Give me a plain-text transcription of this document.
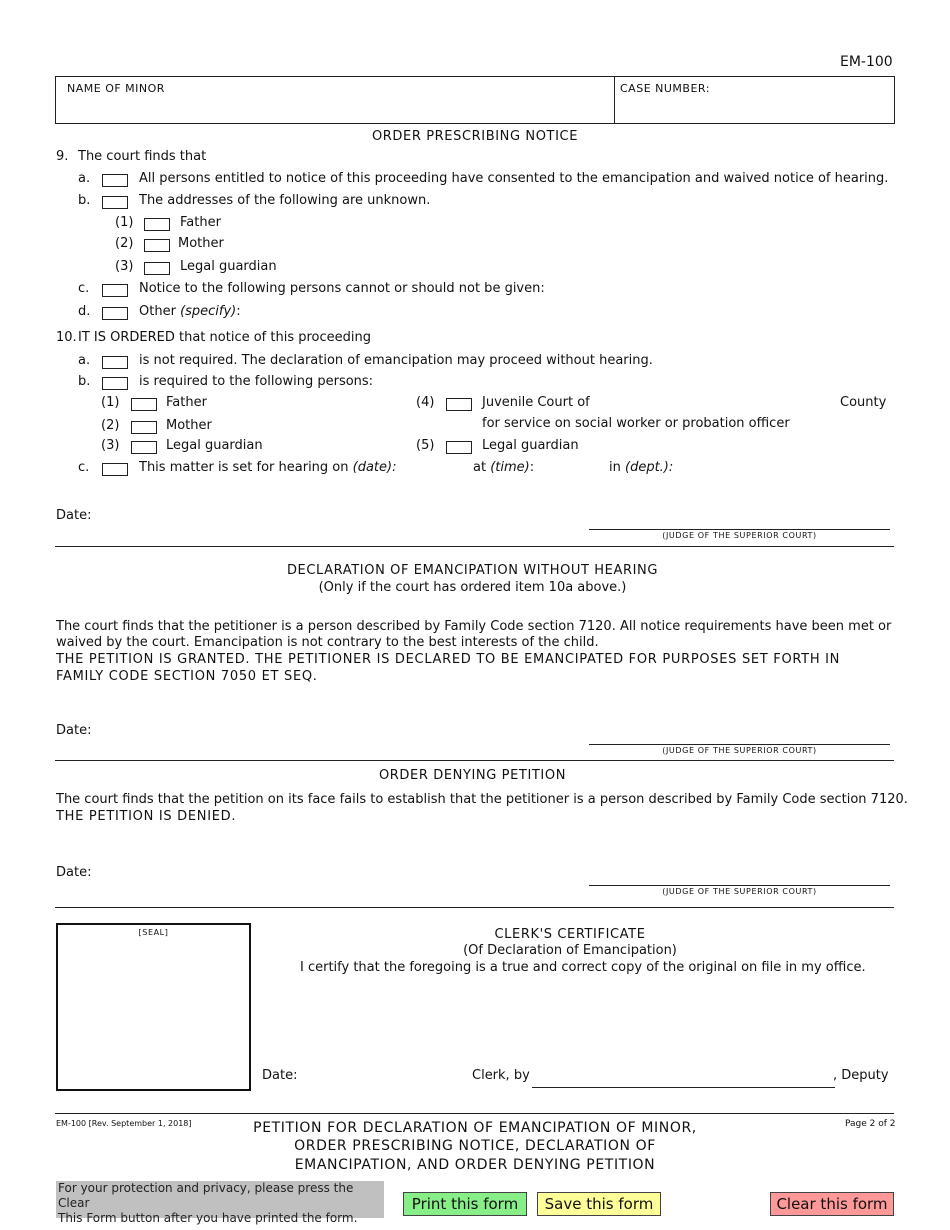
EM-100
NAME OF MINOR	CASE NUMBER:
ORDER PRESCRIBING NOTICE
9. The court finds that
a.	All persons entitled to notice of this proceeding have consented to the emancipation and waived notice of hearing.
b.	The addresses of the following are unknown.
(1)	Father
(2)	Mother
(3)	Legal guardian
c.	Notice to the following persons cannot or should not be given:
d.	Other (specify):
10. IT IS ORDERED that notice of this proceeding
a.	is not required. The declaration of emancipation may proceed without hearing.
b.	is required to the following persons:
(1)	Father
(2)	Mother
(3)	Legal guardian
(4)	Juvenile Court of	County
for service on social worker or probation officer
(5)	Legal guardian
c.	This matter is set for hearing on (date):	at (time):	in (dept.):
Date:
(JUDGE OF THE SUPERIOR COURT)
DECLARATION OF EMANCIPATION WITHOUT HEARING
(Only if the court has ordered item 10a above.)
The court finds that the petitioner is a person described by Family Code section 7120. All notice requirements have been met or
waived by the court. Emancipation is not contrary to the best interests of the child.
THE PETITION IS GRANTED. THE PETITIONER IS DECLARED TO BE EMANCIPATED FOR PURPOSES SET FORTH IN
FAMILY CODE SECTION 7050 ET SEQ.
Date:
(JUDGE OF THE SUPERIOR COURT)
ORDER DENYING PETITION
The court finds that the petition on its face fails to establish that the petitioner is a person described by Family Code section 7120.
THE PETITION IS DENIED.
Date:
(JUDGE OF THE SUPERIOR COURT)
[SEAL]	CLERK'S CERTIFICATE
(Of Declaration of Emancipation)
I certify that the foregoing is a true and correct copy of the original on file in my office.
Date:	Clerk, by	, Deputy
EM-100 [Rev. September 1, 2018]	PETITION FOR DECLARATION OF EMANCIPATION OF MINOR,
ORDER PRESCRIBING NOTICE, DECLARATION OF
EMANCIPATION, AND ORDER DENYING PETITION
Page 2 of 2
For your protection and privacy, please press the Clear
This Form button after you have printed the form.
Print this form	Save this form	Clear this form
